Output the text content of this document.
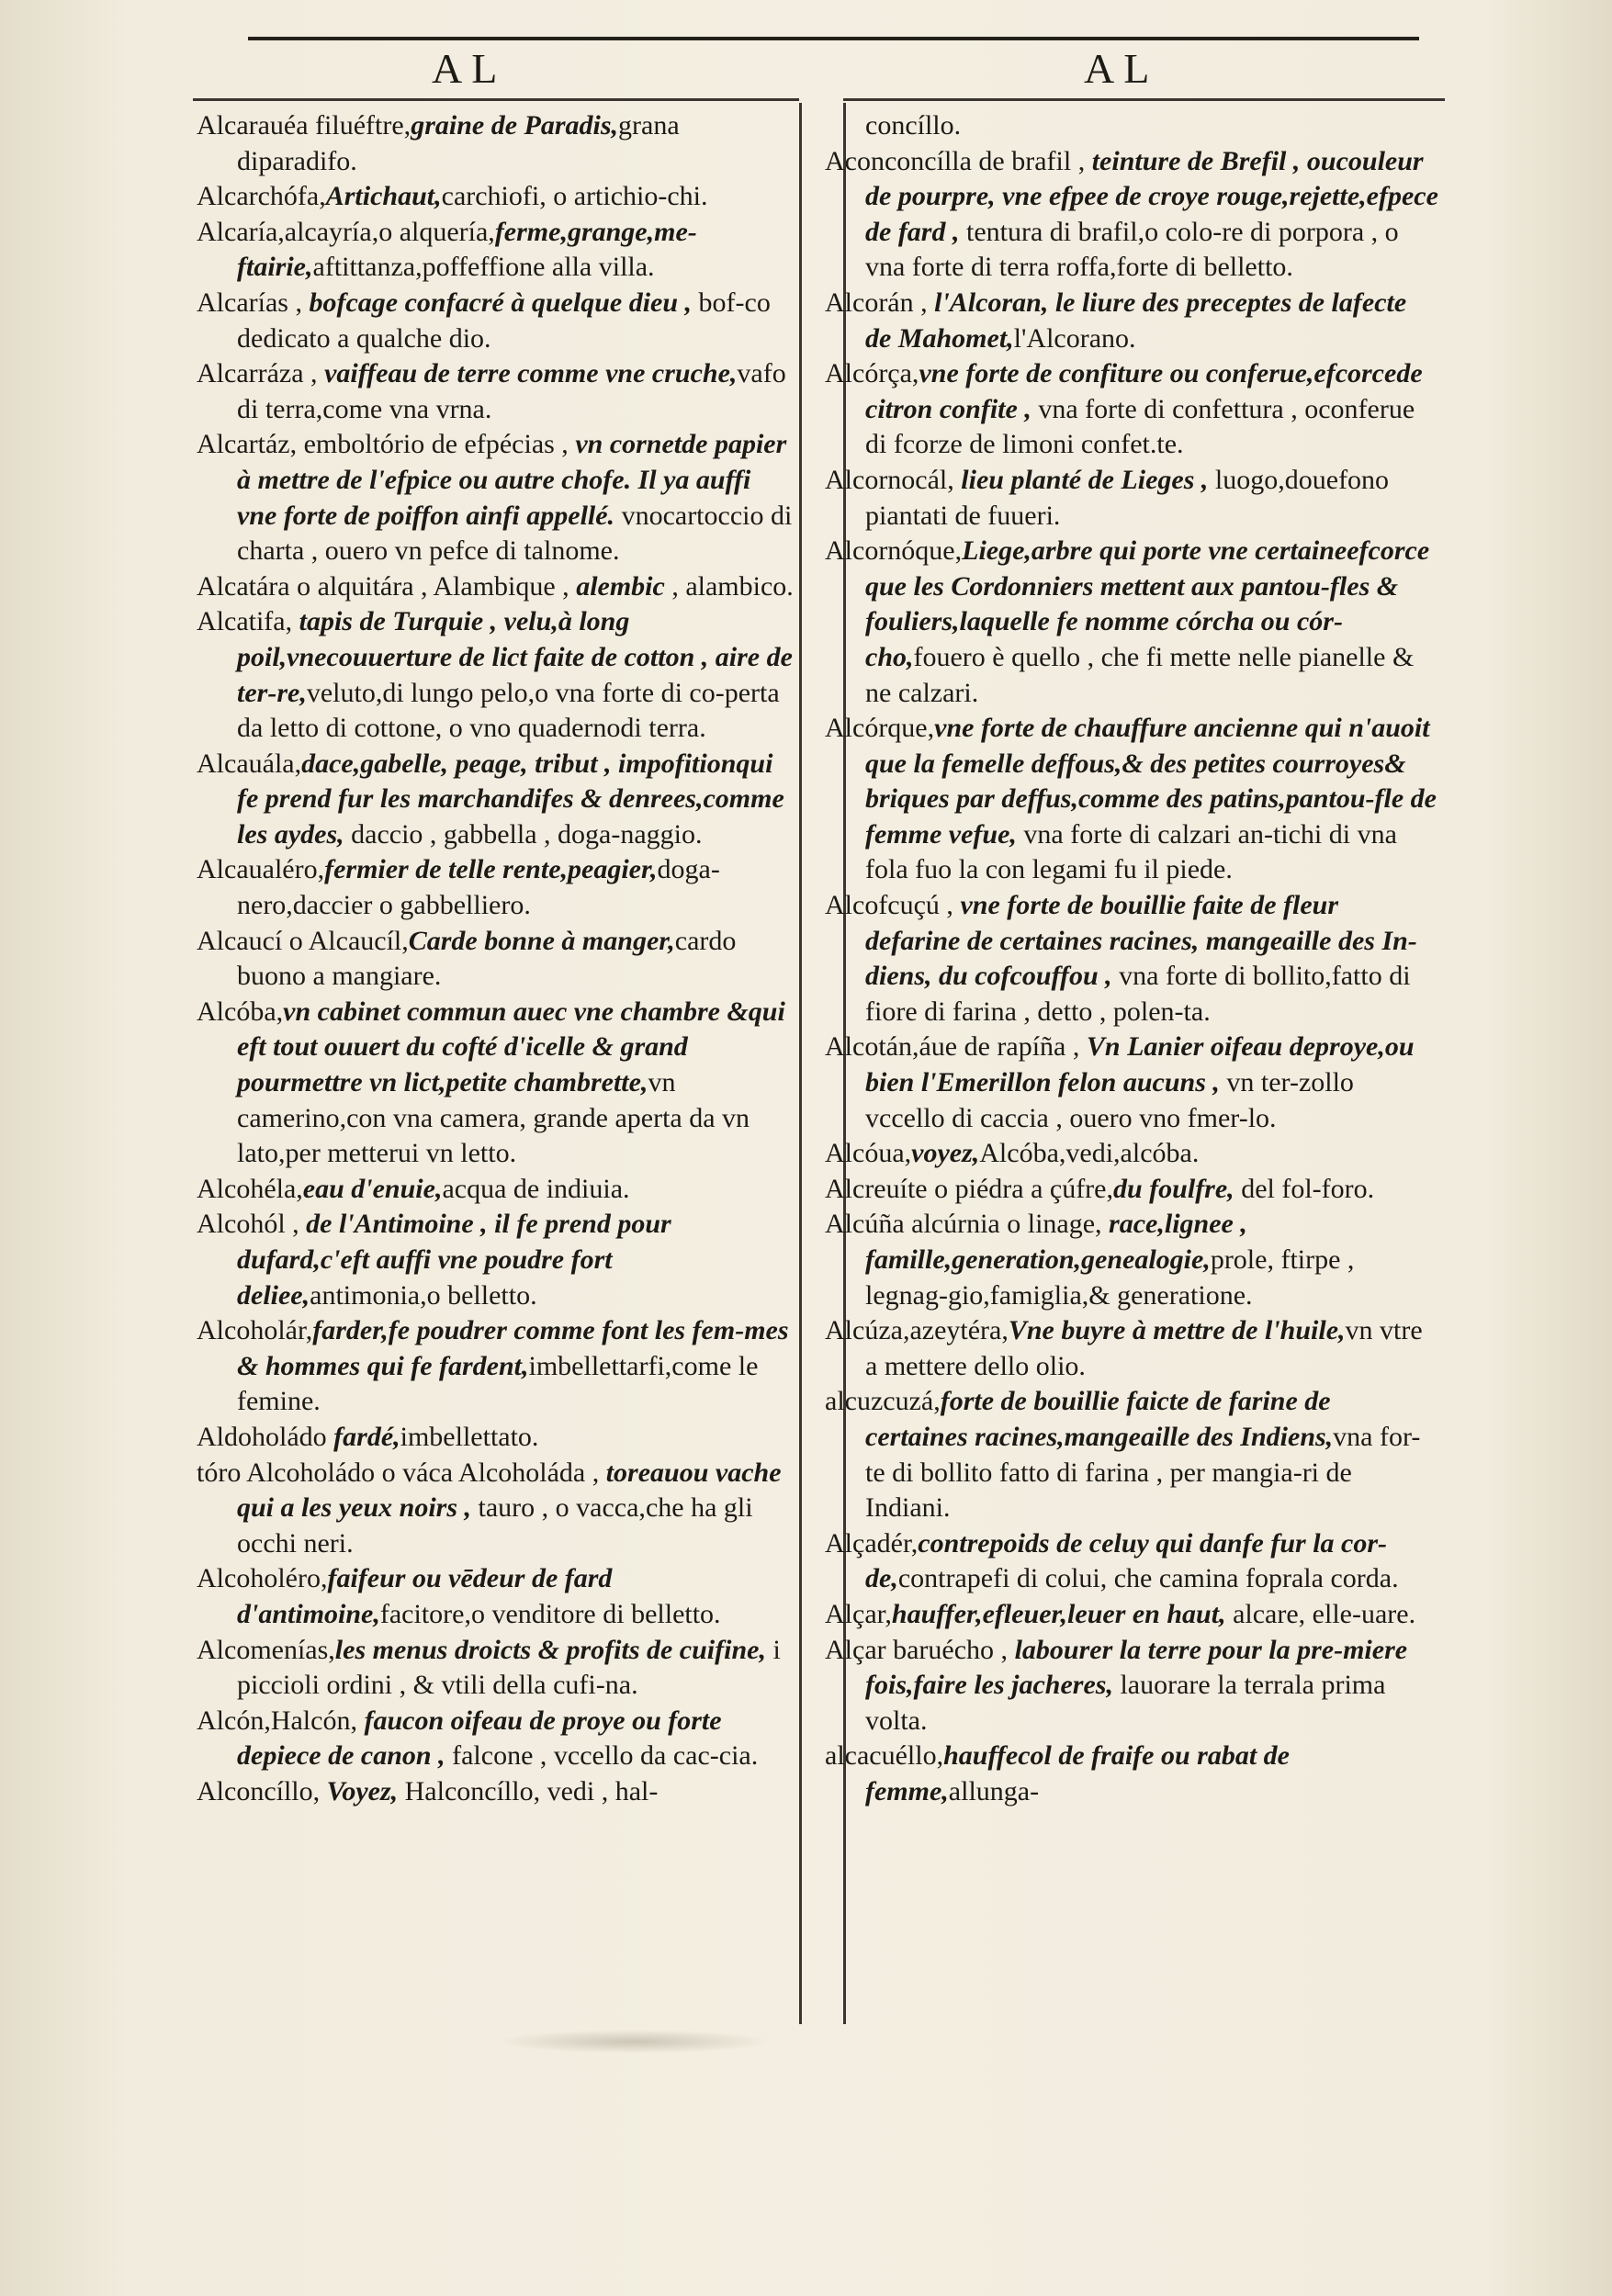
AL	AL

Alcarauéa filuéftre,graine de Paradis,grana diparadifo.

Alcarchófa,Artichaut,carchiofi, o artichio-chi.

Alcaría,alcayría,o alquería,ferme,grange,me-ftairie,aftittanza,poffeffione alla villa.

Alcarías , bofcage confacré à quelque dieu , bof-co dedicato a qualche dio.

Alcarráza , vaiffeau de terre comme vne cruche,vafo di terra,come vna vrna.

Alcartáz, emboltório de efpécias , vn cornetde papier à mettre de l'efpice ou autre chofe. Il ya auffi vne forte de poiffon ainfi appellé. vnocartoccio di charta , ouero vn pefce di talnome.

Alcatára o alquitára , Alambique , alembic , alambico.

Alcatifa, tapis de Turquie , velu,à long poil,vnecouuerture de lict faite de cotton , aire de ter-re,veluto,di lungo pelo,o vna forte di co-perta da letto di cottone, o vno quadernodi terra.

Alcauála,dace,gabelle, peage, tribut , impofitionqui fe prend fur les marchandifes & denrees,comme les aydes, daccio , gabbella , doga-naggio.

Alcaualéro,fermier de telle rente,peagier,doga-nero,daccier o gabbelliero.

Alcaucí o Alcaucíl,Carde bonne à manger,cardo buono a mangiare.

Alcóba,vn cabinet commun auec vne chambre &qui eft tout ouuert du cofté d'icelle & grand pourmettre vn lict,petite chambrette,vn camerino,con vna camera, grande aperta da vn lato,per metterui vn letto.

Alcohéla,eau d'enuie,acqua de indiuia.

Alcohól , de l'Antimoine , il fe prend pour dufard,c'eft auffi vne poudre fort deliee,antimonia,o belletto.

Alcoholár,farder,fe poudrer comme font les fem-mes & hommes qui fe fardent,imbellettarfi,come le femine.

Aldoholádo fardé,imbellettato.

tóro Alcoholádo o váca Alcoholáda , toreauou vache qui a les yeux noirs , tauro , o vacca,che ha gli occhi neri.

Alcoholéro,faifeur ou vēdeur de fard d'antimoine,facitore,o venditore di belletto.

Alcomenías,les menus droicts & profits de cuifine, i piccioli ordini , & vtili della cufi-na.

Alcón,Halcón, faucon oifeau de proye ou forte depiece de canon , falcone , vccello da cac-cia.

Alconcíllo, Voyez, Halconcíllo, vedi , hal-

concíllo.

Aconconcílla de brafil , teinture de Brefil , oucouleur de pourpre, vne efpee de croye rouge,rejette,efpece de fard , tentura di brafil,o colo-re di porpora , o vna forte di terra roffa,forte di belletto.

Alcorán , l'Alcoran, le liure des preceptes de lafecte de Mahomet,l'Alcorano.

Alcórça,vne forte de confiture ou conferue,efcorcede citron confite , vna forte di confettura , oconferue di fcorze de limoni confet.te.

Alcornocál, lieu planté de Lieges , luogo,douefono piantati de fuueri.

Alcornóque,Liege,arbre qui porte vne certaineefcorce que les Cordonniers mettent aux pantou-fles & fouliers,laquelle fe nomme córcha ou cór-cho,fouero è quello , che fi mette nelle pianelle & ne calzari.

Alcórque,vne forte de chauffure ancienne qui n'auoit que la femelle deffous,& des petites courroyes& briques par deffus,comme des patins,pantou-fle de femme vefue, vna forte di calzari an-tichi di vna fola fuo la con legami fu il piede.

Alcofcuçú , vne forte de bouillie faite de fleur defarine de certaines racines, mangeaille des In-diens, du cofcouffou , vna forte di bollito,fatto di fiore di farina , detto , polen-ta.

Alcotán,áue de rapíña , Vn Lanier oifeau deproye,ou bien l'Emerillon felon aucuns , vn ter-zollo vccello di caccia , ouero vno fmer-lo.

Alcóua,voyez,Alcóba,vedi,alcóba.

Alcreuíte o piédra a çúfre,du foulfre, del fol-foro.

Alcúña alcúrnia o linage, race,lignee , famille,generation,genealogie,prole, ftirpe , legnag-gio,famiglia,& generatione.

Alcúza,azeytéra,Vne buyre à mettre de l'huile,vn vtre a mettere dello olio.

alcuzcuzá,forte de bouillie faicte de farine de certaines racines,mangeaille des Indiens,vna for-te di bollito fatto di farina , per mangia-ri de Indiani.

Alçadér,contrepoids de celuy qui danfe fur la cor-de,contrapefi di colui, che camina foprala corda.

Alçar,hauffer,efleuer,leuer en haut, alcare, elle-uare.

Alçar baruécho , labourer la terre pour la pre-miere fois,faire les jacheres, lauorare la terrala prima volta.

alcacuéllo,hauffecol de fraife ou rabat de femme,allunga-
